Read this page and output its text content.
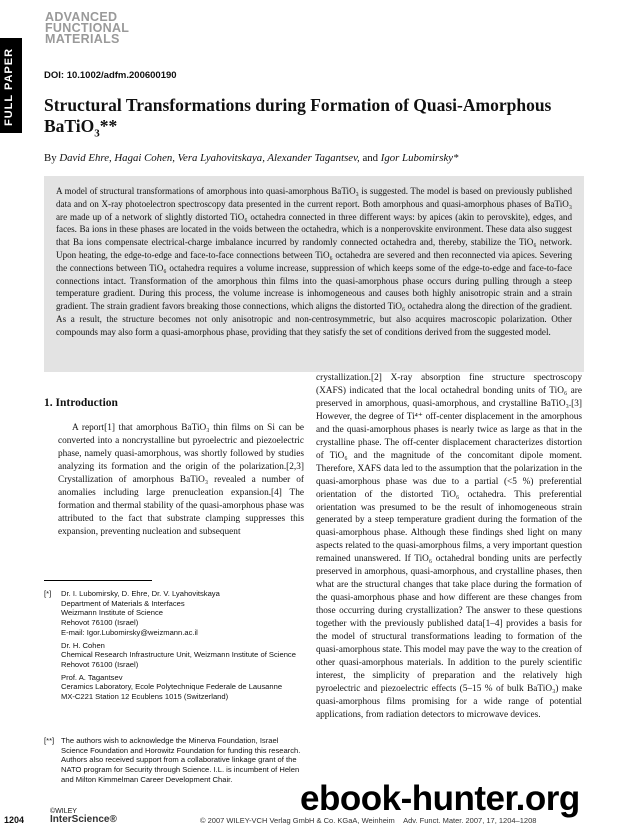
ADVANCED
FUNCTIONAL
MATERIALS
FULL PAPER	DOI: 10.1002/adfm.200600190
Structural Transformations during Formation of Quasi-Amorphous BaTiO$_3$**
By David Ehre, Hagai Cohen, Vera Lyahovitskaya, Alexander Tagantsev, and Igor Lubomirsky*
A model of structural transformations of amorphous into quasi-amorphous BaTiO₃ is suggested. The model is based on previously published data and on X-ray photoelectron spectroscopy data presented in the current report. Both amorphous and quasi-amorphous phases of BaTiO₃ are made up of a network of slightly distorted TiO₆ octahedra connected in three different ways: by apices (akin to perovskite), edges, and faces. Ba ions in these phases are located in the voids between the octahedra, which is a nonperovskite environment. These data also suggest that Ba ions compensate electrical-charge imbalance incurred by randomly connected octahedra and, thereby, stabilize the TiO₆ network. Upon heating, the edge-to-edge and face-to-face connections between TiO₆ octahedra are severed and then reconnected via apices. Severing the connections between TiO₆ octahedra requires a volume increase, suppression of which keeps some of the edge-to-edge and face-to-face connections intact. Transformation of the amorphous thin films into the quasi-amorphous phase occurs during pulling through a steep temperature gradient. During this process, the volume increase is inhomogeneous and causes both highly anisotropic strain and a strain gradient. The strain gradient favors breaking those connections, which aligns the distorted TiO₆ octahedra along the direction of the gradient. As a result, the structure becomes not only anisotropic and non-centrosymmetric, but also acquires macroscopic polarization. Other compounds may also form a quasi-amorphous phase, providing that they satisfy the set of conditions derived from the suggested model.
1. Introduction

A report[1] that amorphous BaTiO₃ thin films on Si can be converted into a noncrystalline but pyroelectric and piezoelectric phase, namely quasi-amorphous, was shortly followed by studies analyzing its formation and the origin of the polarization.[2,3] Crystallization of amorphous BaTiO₃ revealed a number of anomalies including large prenucleation expansion.[4] The formation and thermal stability of the quasi-amorphous phase was attributed to the fact that substrate clamping suppresses this expansion, preventing nucleation and subsequent

crystallization.[2] X-ray absorption fine structure spectroscopy (XAFS) indicated that the local octahedral bonding units of TiO₆ are preserved in amorphous, quasi-amorphous, and crystalline BaTiO₃.[3] However, the degree of Ti⁴⁺ off-center displacement in the amorphous and the quasi-amorphous phases is nearly twice as large as that in the crystalline phase. The off-center displacement characterizes distortion of TiO₆ and the magnitude of the concomitant dipole moment. Therefore, XAFS data led to the assumption that the polarization in the quasi-amorphous phase was due to a partial (<5 %) preferential orientation of the distorted TiO₆ octahedra. This preferential orientation was presumed to be the result of inhomogeneous strain generated by a steep temperature gradient during the formation of the quasi-amorphous phase. Although these findings shed light on many aspects related to the quasi-amorphous films, a very important question remained unanswered. If TiO₆ octahedral bonding units are perfectly preserved in amorphous, quasi-amorphous, and crystalline phases, then what are the structural changes that take place during the formation of the quasi-amorphous phase and how different are these changes from those occurring during crystallization? The answer to these questions together with the previously published data[1–4] provides a basis for the model of structural transformations leading to formation of the quasi-amorphous state. This model may pave the way to the creation of other quasi-amorphous materials. In addition to the purely scientific interest, the simplicity of preparation and the relatively high pyroelectric and piezoelectric effects (5–15 % of bulk BaTiO₃) make quasi-amorphous films promising for a wide range of potential applications, from radiation detectors to microwave devices.

[*] Dr. I. Lubomirsky, D. Ehre, Dr. V. Lyahovitskaya
Department of Materials & Interfaces
Weizmann Institute of Science
Rehovot 76100 (Israel)
E-mail: Igor.Lubomirsky@weizmann.ac.il
Dr. H. Cohen
Chemical Research Infrastructure Unit, Weizmann Institute of Science
Rehovot 76100 (Israel)
Prof. A. Tagantsev
Ceramics Laboratory, Ecole Polytechnique Federale de Lausanne
MX-C221 Station 12 Ecublens 1015 (Switzerland)
[**] The authors wish to acknowledge the Minerva Foundation, Israel Science Foundation and Horowitz Foundation for funding this research. Authors also received support from a collaborative linkage grant of the NATO program for Security through Science. I.L. is incumbent of Helen and Milton Kimmelman Career Development Chair.
1204
©WILEY
InterScience®	© 2007 WILEY-VCH Verlag GmbH & Co. KGaA, Weinheim Adv. Funct. Mater. 2007, 17, 1204–1208
ebook-hunter.org
